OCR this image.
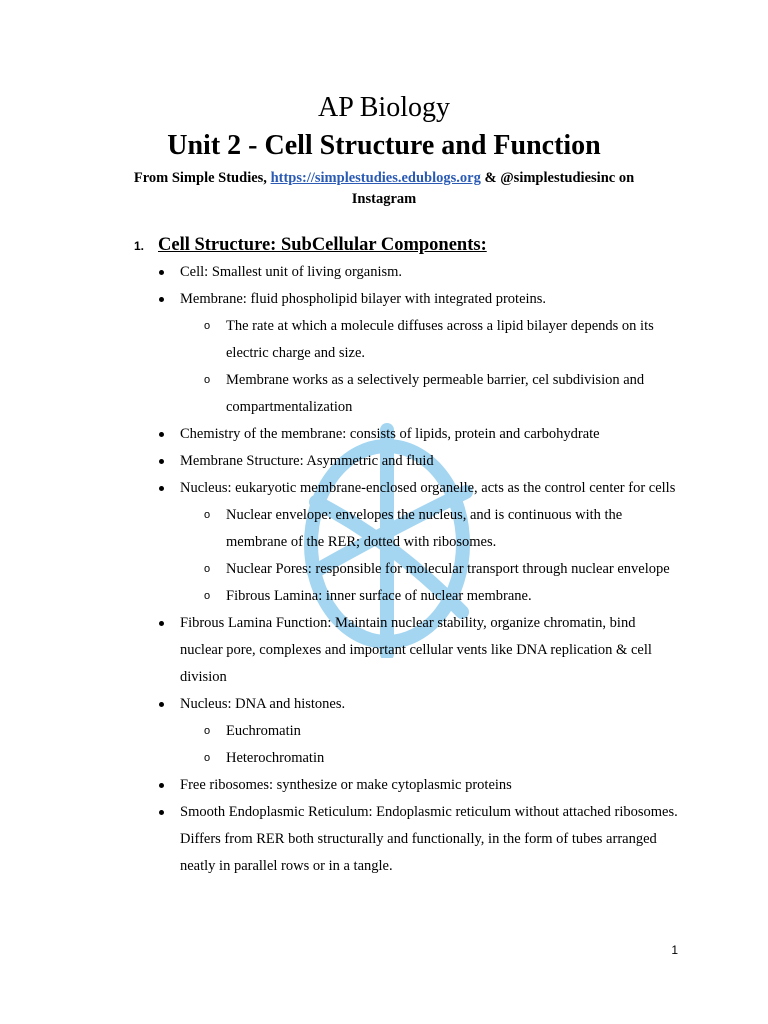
AP Biology
Unit 2 - Cell Structure and Function
From Simple Studies, https://simplestudies.edublogs.org & @simplestudiesinc on Instagram
1. Cell Structure: SubCellular Components:
Cell: Smallest unit of living organism.
Membrane: fluid phospholipid bilayer with integrated proteins.
o The rate at which a molecule diffuses across a lipid bilayer depends on its electric charge and size.
o Membrane works as a selectively permeable barrier, cel subdivision and compartmentalization
Chemistry of the membrane: consists of lipids, protein and carbohydrate
Membrane Structure: Asymmetric and fluid
Nucleus: eukaryotic membrane-enclosed organelle, acts as the control center for cells
o Nuclear envelope: envelopes the nucleus, and is continuous with the membrane of the RER; dotted with ribosomes.
o Nuclear Pores: responsible for molecular transport through nuclear envelope
o Fibrous Lamina: inner surface of nuclear membrane.
Fibrous Lamina Function: Maintain nuclear stability, organize chromatin, bind nuclear pore, complexes and important cellular vents like DNA replication & cell division
Nucleus: DNA and histones.
o Euchromatin
o Heterochromatin
Free ribosomes: synthesize or make cytoplasmic proteins
Smooth Endoplasmic Reticulum: Endoplasmic reticulum without attached ribosomes. Differs from RER both structurally and functionally, in the form of tubes arranged neatly in parallel rows or in a tangle.
1
